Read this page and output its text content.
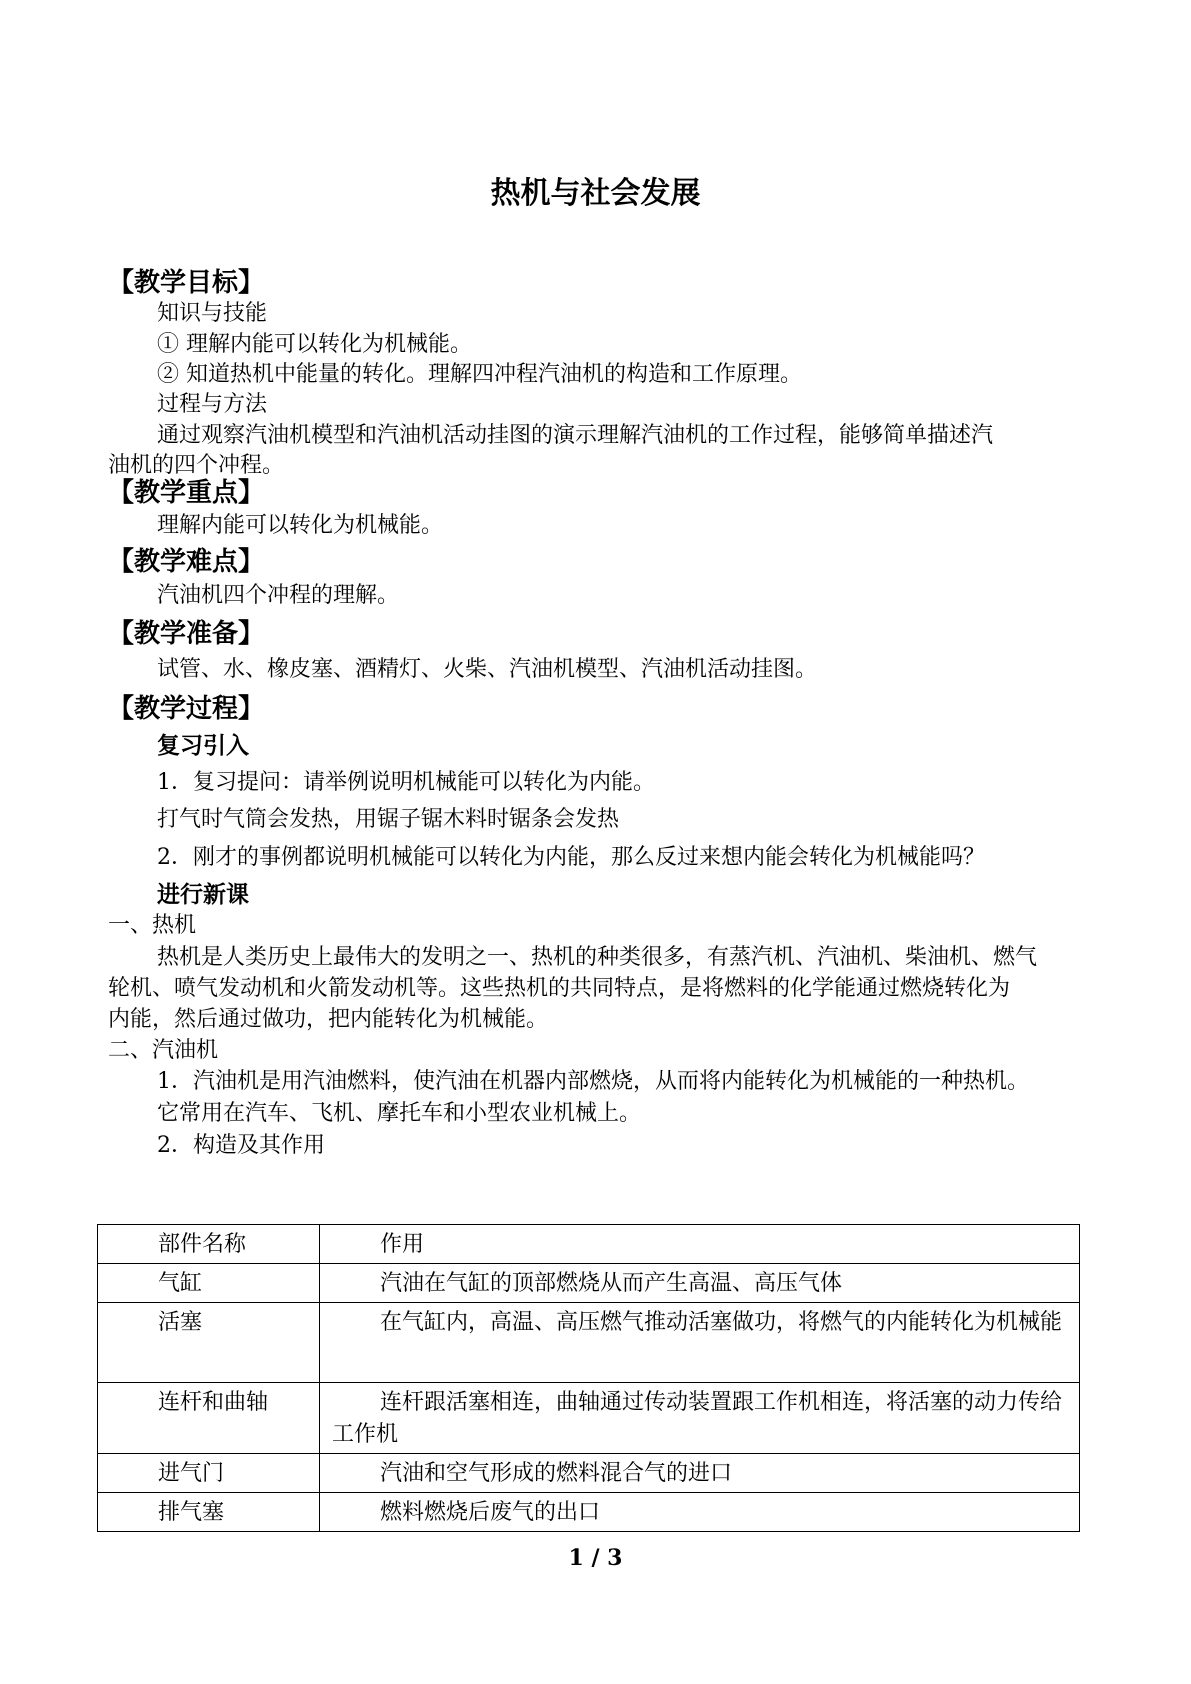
热机与社会发展
【教学目标】
知识与技能
① 理解内能可以转化为机械能。
② 知道热机中能量的转化。理解四冲程汽油机的构造和工作原理。
过程与方法
通过观察汽油机模型和汽油机活动挂图的演示理解汽油机的工作过程，能够简单描述汽
油机的四个冲程。
【教学重点】
理解内能可以转化为机械能。
【教学难点】
汽油机四个冲程的理解。
【教学准备】
试管、水、橡皮塞、酒精灯、火柴、汽油机模型、汽油机活动挂图。
【教学过程】
复习引入
1．复习提问：请举例说明机械能可以转化为内能。
打气时气筒会发热，用锯子锯木料时锯条会发热
2．刚才的事例都说明机械能可以转化为内能，那么反过来想内能会转化为机械能吗？
进行新课
一、热机
热机是人类历史上最伟大的发明之一、热机的种类很多，有蒸汽机、汽油机、柴油机、燃气
轮机、喷气发动机和火箭发动机等。这些热机的共同特点，是将燃料的化学能通过燃烧转化为
内能，然后通过做功，把内能转化为机械能。
二、汽油机
1．汽油机是用汽油燃料，使汽油在机器内部燃烧，从而将内能转化为机械能的一种热机。
它常用在汽车、飞机、摩托车和小型农业机械上。
2．构造及其作用
部件名称	作用
气缸	汽油在气缸的顶部燃烧从而产生高温、高压气体
活塞	在气缸内，高温、高压燃气推动活塞做功，将燃气的内能转化为机械能
连杆和曲轴	连杆跟活塞相连，曲轴通过传动装置跟工作机相连，将活塞的动力传给工作机
进气门	汽油和空气形成的燃料混合气的进口
排气塞	燃料燃烧后废气的出口
1 / 3
